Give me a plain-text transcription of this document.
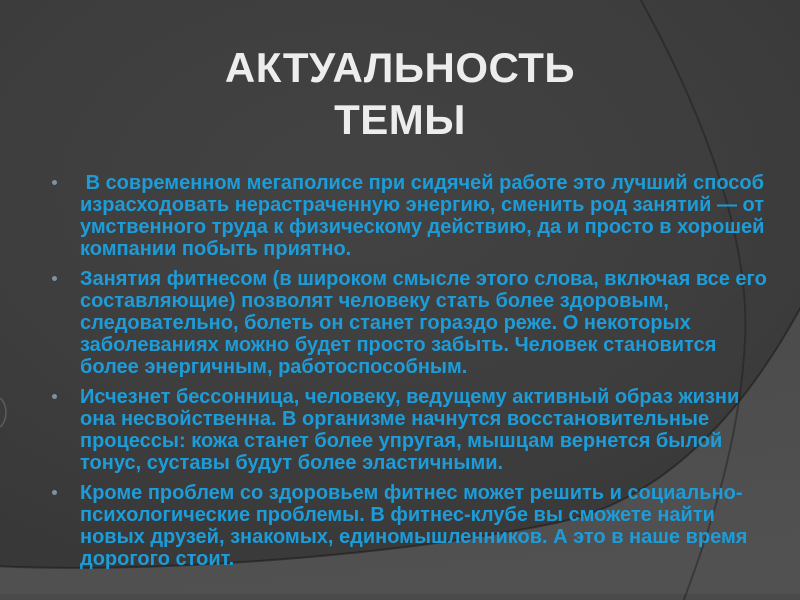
АКТУАЛЬНОСТЬ ТЕМЫ
В современном мегаполисе при сидячей работе это лучший способ израсходовать нерастраченную энергию, сменить род занятий — от умственного труда к физическому действию, да и просто в хорошей компании побыть приятно.
Занятия фитнесом (в широком смысле этого слова, включая все его составляющие) позволят человеку стать более здоровым, следовательно, болеть он станет гораздо реже. О некоторых заболеваниях можно будет просто забыть. Человек становится более энергичным, работоспособным.
Исчезнет бессонница, человеку, ведущему активный образ жизни она несвойственна. В организме начнутся восстановительные процессы: кожа станет более упругая, мышцам вернется былой тонус, суставы будут более эластичными.
Кроме проблем со здоровьем фитнес может решить и социально-психологические проблемы. В фитнес-клубе вы сможете найти новых друзей, знакомых, единомышленников. А это в наше время дорогого стоит.
